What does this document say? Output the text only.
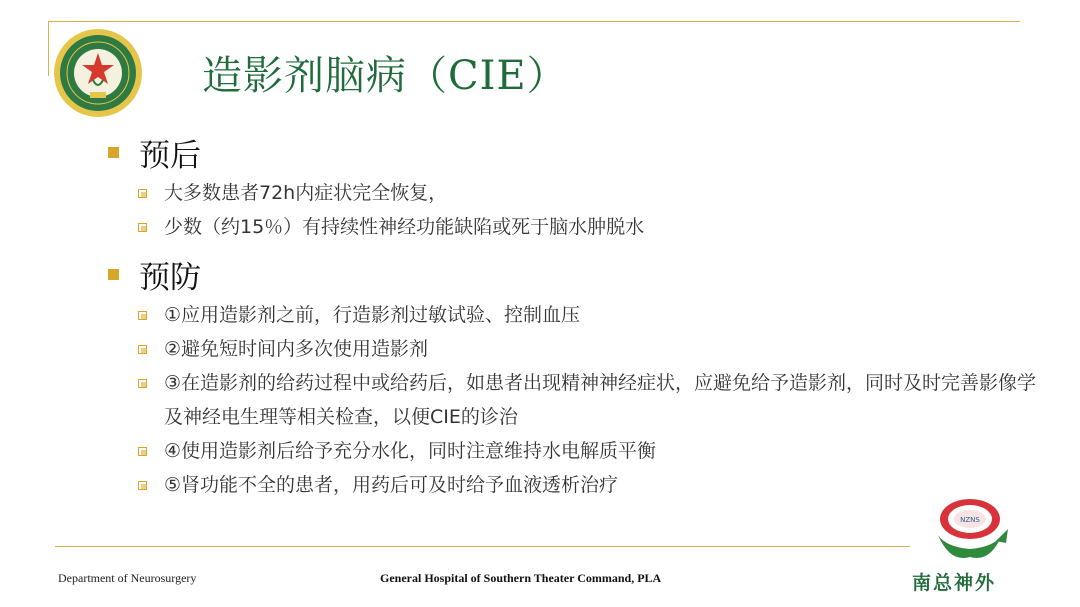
造影剂脑病（CIE）
预后
大多数患者72h内症状完全恢复，
少数（约15％）有持续性神经功能缺陷或死于脑水肿脱水
预防
①应用造影剂之前，行造影剂过敏试验、控制血压
②避免短时间内多次使用造影剂
③在造影剂的给药过程中或给药后，如患者出现精神神经症状，应避免给予造影剂，同时及时完善影像学及神经电生理等相关检查，以便CIE的诊治
④使用造影剂后给予充分水化，同时注意维持水电解质平衡
⑤肾功能不全的患者，用药后可及时给予血液透析治疗
Department of Neurosurgery	General Hospital of Southern Theater Command, PLA
NZNS
南总神外
